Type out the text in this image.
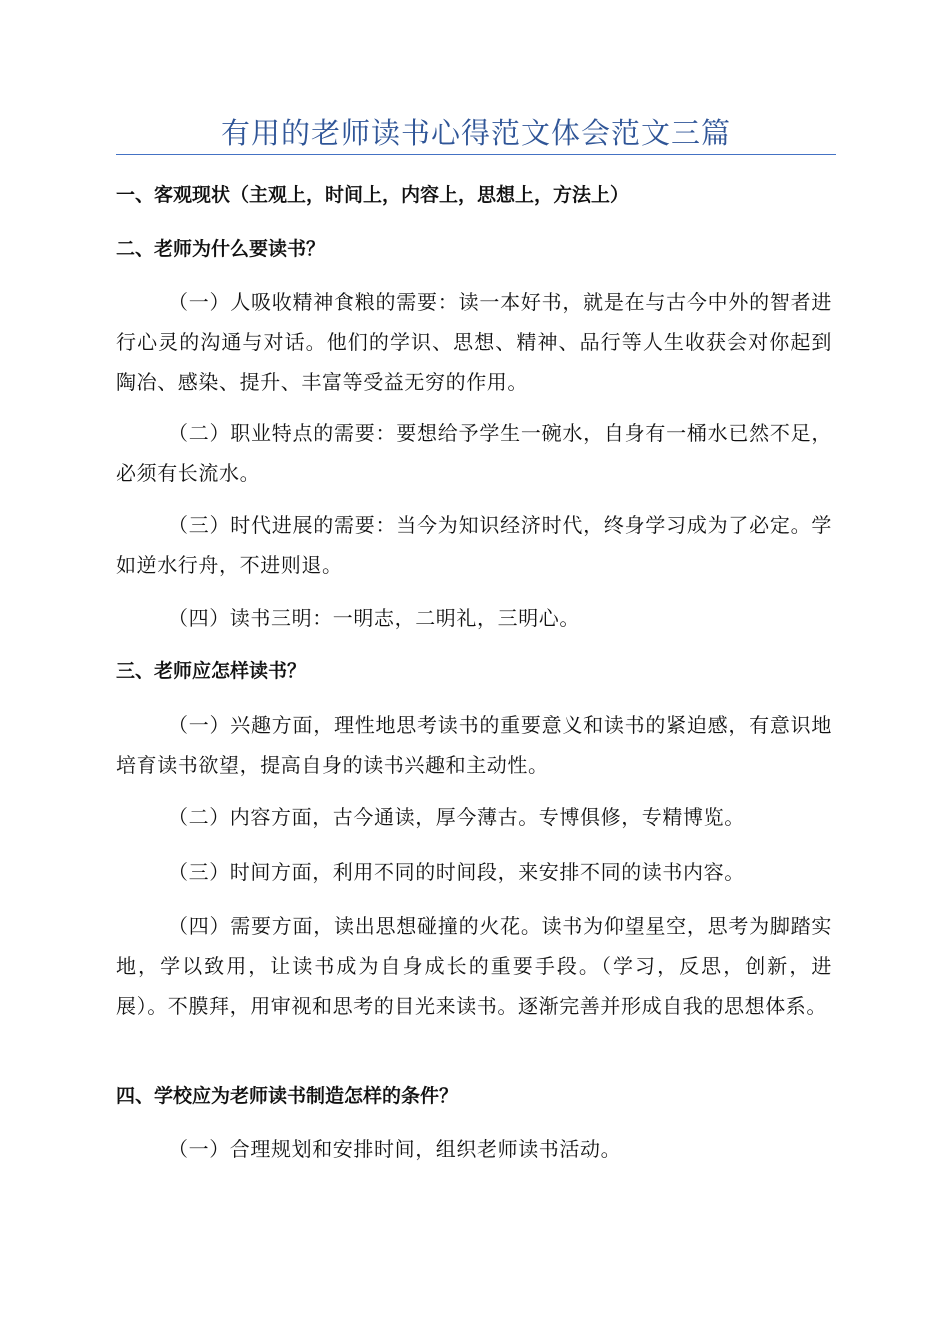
有用的老师读书心得范文体会范文三篇
一、客观现状（主观上，时间上，内容上，思想上，方法上）
二、老师为什么要读书？
（一）人吸收精神食粮的需要：读一本好书，就是在与古今中外的智者进行心灵的沟通与对话。他们的学识、思想、精神、品行等人生收获会对你起到陶冶、感染、提升、丰富等受益无穷的作用。
（二）职业特点的需要：要想给予学生一碗水，自身有一桶水已然不足，必须有长流水。
（三）时代进展的需要：当今为知识经济时代，终身学习成为了必定。学如逆水行舟，不进则退。
（四）读书三明：一明志，二明礼，三明心。
三、老师应怎样读书？
（一）兴趣方面，理性地思考读书的重要意义和读书的紧迫感，有意识地培育读书欲望，提高自身的读书兴趣和主动性。
（二）内容方面，古今通读，厚今薄古。专博俱修，专精博览。
（三）时间方面，利用不同的时间段，来安排不同的读书内容。
（四）需要方面，读出思想碰撞的火花。读书为仰望星空，思考为脚踏实地，学以致用，让读书成为自身成长的重要手段。（学习，反思，创新，进展）。不膜拜，用审视和思考的目光来读书。逐渐完善并形成自我的思想体系。
四、学校应为老师读书制造怎样的条件？
（一）合理规划和安排时间，组织老师读书活动。
